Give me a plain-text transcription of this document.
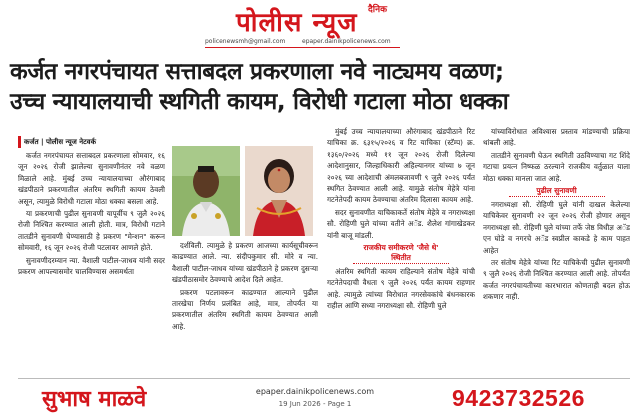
दैनिक
पोलीस न्यूज
policenewsmh@gmail.com	epaper.dainikpolicenews.com
कर्जत नगरपंचायत सत्ताबदल प्रकरणाला नवे नाट्यमय वळण;
उच्च न्यायालयाची स्थगिती कायम, विरोधी गटाला मोठा धक्का
कर्जत | पोलीस न्यूज नेटवर्क

कर्जत नगरपंचायत सत्ताबदल प्रकरणाला सोमवार, १६ जून २०२६ रोजी झालेल्या सुनावणीनंतर नवे वळण मिळाले आहे. मुंबई उच्च न्यायालयाच्या औरंगाबाद खंडपीठाने प्रकरणातील अंतरिम स्थगिती कायम ठेवली असून, त्यामुळे विरोधी गटाला मोठा धक्का बसला आहे.

या प्रकरणाची पुढील सुनावणी यापूर्वीच ९ जुलै २०२६ रोजी निश्चित करण्यात आली होती. मात्र, विरोधी गटाने तातडीने सुनावणी घेण्यासाठी हे प्रकरण "मेन्शन" करून सोमवारी, १६ जून २०२६ रोजी पटलावर आणले होते.

सुनावणीदरम्यान न्या. वैशाली पाटील-जाधव यांनी सदर प्रकरण आपल्यासमोर चालविण्यास असमर्थता

दर्शविली. त्यामुळे हे प्रकरण आजच्या कार्यसूचीवरून काढण्यात आले. न्या. संदीपकुमार सी. मोरे व न्या. वैशाली पाटील-जाधव यांच्या खंडपीठाने हे प्रकरण दुसऱ्या खंडपीठासमोर ठेवण्याचे आदेश दिले आहेत.

प्रकरण पटलावरून काढण्यात आल्याने पुढील तारखेचा निर्णय प्रलंबित आहे, मात्र, तोपर्यंत या प्रकरणातील अंतरिम स्थगिती कायम ठेवण्यात आली आहे.

मुंबई उच्च न्यायालयाच्या औरंगाबाद खंडपीठाने रिट याचिका क्र. ६३१५/२०२६ व रिट याचिका (स्टॅम्प) क्र. १३६०/२०२६ मध्ये ११ जून २०२६ रोजी दिलेल्या आदेशानुसार, जिल्हाधिकारी अहिल्यानगर यांच्या ७ जून २०२६ च्या आदेशाची अंमलबजावणी ९ जुलै २०२६ पर्यंत स्थगित ठेवण्यात आली आहे. यामुळे संतोष मेहेत्रे यांना गटनेतेपदी कायम ठेवण्याचा अंतरिम दिलासा कायम आहे.

सदर सुनावणीत याचिकाकर्ते संतोष मेहेत्रे व नगराध्यक्षा सौ. रोहिणी घुले यांच्या वतीने अॅड. शैलेश गांगाखेडकर यांनी बाजू मांडली.

राजकीय समीकरणे 'जैसे थे' स्थितीत

अंतरिम स्थगिती कायम राहिल्याने संतोष मेहेत्रे यांची गटनेतेपदाची वैधता ९ जुलै २०२६ पर्यंत कायम राहणार आहे. त्यामुळे त्यांच्या विरोधात नगरसेवकांचे बंधनकारक राहील आणि सध्या नगराध्यक्षा सौ. रोहिणी घुले

यांच्याविरोधात अविश्वास प्रस्ताव मांडण्याची प्रक्रिया थांबली आहे.

तातडीने सुनावणी घेऊन स्थगिती उठविण्याचा गट शिंदे गटाचा प्रयत्न निष्फळ ठरल्याने राजकीय वर्तुळात याला मोठा धक्का मानला जात आहे.

पुढील सुनावणी

नगराध्यक्षा सौ. रोहिणी घुले यांनी दाखल केलेल्या याचिकेवर सुनावणी २२ जून २०२६ रोजी होणार असून नगराध्यक्षा सौ. रोहिणी घुले यांच्या तर्फे जेष्ठ विधीज्ञ अॅड एन घोडे व नगरचे अॅड स्वप्नील काकडे हे काम पाहत आहेत

तर संतोष मेहेत्रे यांच्या रिट याचिकेची पुढील सुनावणी ९ जुलै २०२६ रोजी निश्चित करण्यात आली आहे. तोपर्यंत कर्जत नगरपंचायतीच्या कारभारात कोणताही बदल होऊ शकणार नाही.

सुभाष माळवे	epaper.dainikpolicenews.com
19 Jun 2026 - Page 1	9423732526
